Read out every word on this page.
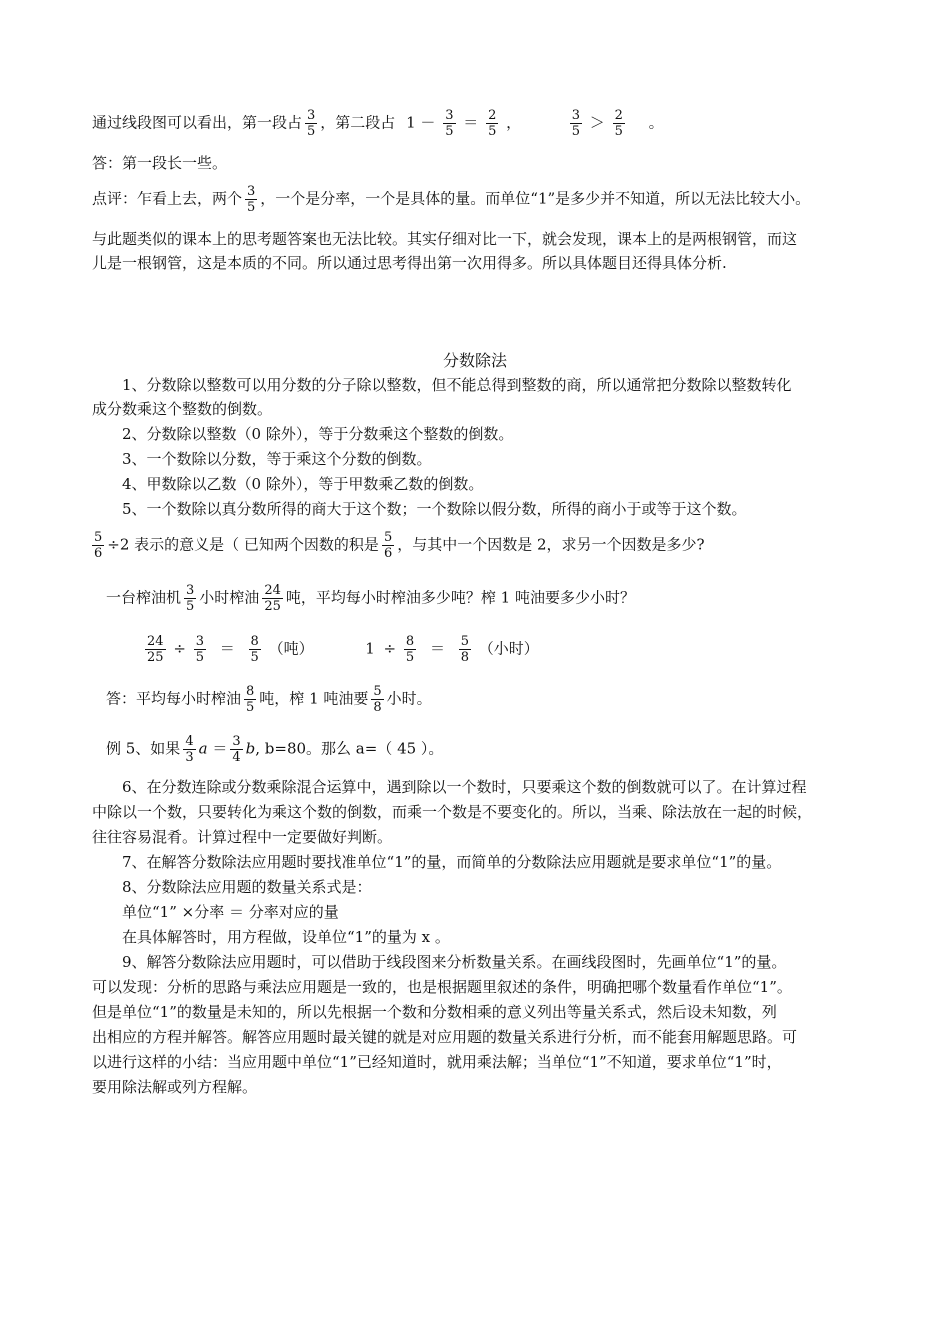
通过线段图可以看出，第一段占 $\frac{3}{5}$ ，第二段占 $1 - \frac{3}{5} = \frac{2}{5}$ ，	$\frac{3}{5} > \frac{2}{5}$ 。
答：第一段长一些。
点评：乍看上去，两个 $\frac{3}{5}$ ，一个是分率，一个是具体的量。而单位“1”是多少并不知道，所以无法比较大小。
与此题类似的课本上的思考题答案也无法比较。其实仔细对比一下，就会发现，课本上的是两根钢管，而这
儿是一根钢管，这是本质的不同。所以通过思考得出第一次用得多。所以具体题目还得具体分析.
分数除法
1、分数除以整数可以用分数的分子除以整数，但不能总得到整数的商，所以通常把分数除以整数转化
成分数乘这个整数的倒数。
2、分数除以整数（0 除外），等于分数乘这个整数的倒数。
3、一个数除以分数，等于乘这个分数的倒数。
4、甲数除以乙数（0 除外），等于甲数乘乙数的倒数。
5、一个数除以真分数所得的商大于这个数；一个数除以假分数，所得的商小于或等于这个数。
$\frac{5}{6} \div 2$ 表示的意义是（ 已知两个因数的积是 $\frac{5}{6}$ ，与其中一个因数是 2，求另一个因数是多少?
一台榨油机 $\frac{3}{5}$ 小时榨油 $\frac{24}{25}$ 吨，平均每小时榨油多少吨？榨 1 吨油要多少小时？
$\frac{24}{25} \div \frac{3}{5} = \frac{8}{5}$ （吨）	$1 \div \frac{8}{5} = \frac{5}{8}$ （小时）
答：平均每小时榨油 $\frac{8}{5}$ 吨，榨 1 吨油要 $\frac{5}{8}$ 小时。
例 5、如果 $\frac{4}{3}$ $a = \frac{3}{4} b$, b=80。那么 a=（ 45 ）。
6、在分数连除或分数乘除混合运算中，遇到除以一个数时，只要乘这个数的倒数就可以了。在计算过程
中除以一个数，只要转化为乘这个数的倒数，而乘一个数是不要变化的。所以，当乘、除法放在一起的时候，
往往容易混肴。计算过程中一定要做好判断。
7、在解答分数除法应用题时要找准单位“1”的量，而简单的分数除法应用题就是要求单位“1”的量。
8、分数除法应用题的数量关系式是：
单位“1” ×分率 ＝ 分率对应的量
在具体解答时，用方程做，设单位“1”的量为 x 。
9、解答分数除法应用题时，可以借助于线段图来分析数量关系。在画线段图时，先画单位“1”的量。
可以发现：分析的思路与乘法应用题是一致的，也是根据题里叙述的条件，明确把哪个数量看作单位“1”。
但是单位“1”的数量是未知的，所以先根据一个数和分数相乘的意义列出等量关系式，然后设未知数，列
出相应的方程并解答。解答应用题时最关键的就是对应用题的数量关系进行分析，而不能套用解题思路。可
以进行这样的小结：当应用题中单位“1”已经知道时，就用乘法解；当单位“1”不知道，要求单位“1”时，
要用除法解或列方程解。
